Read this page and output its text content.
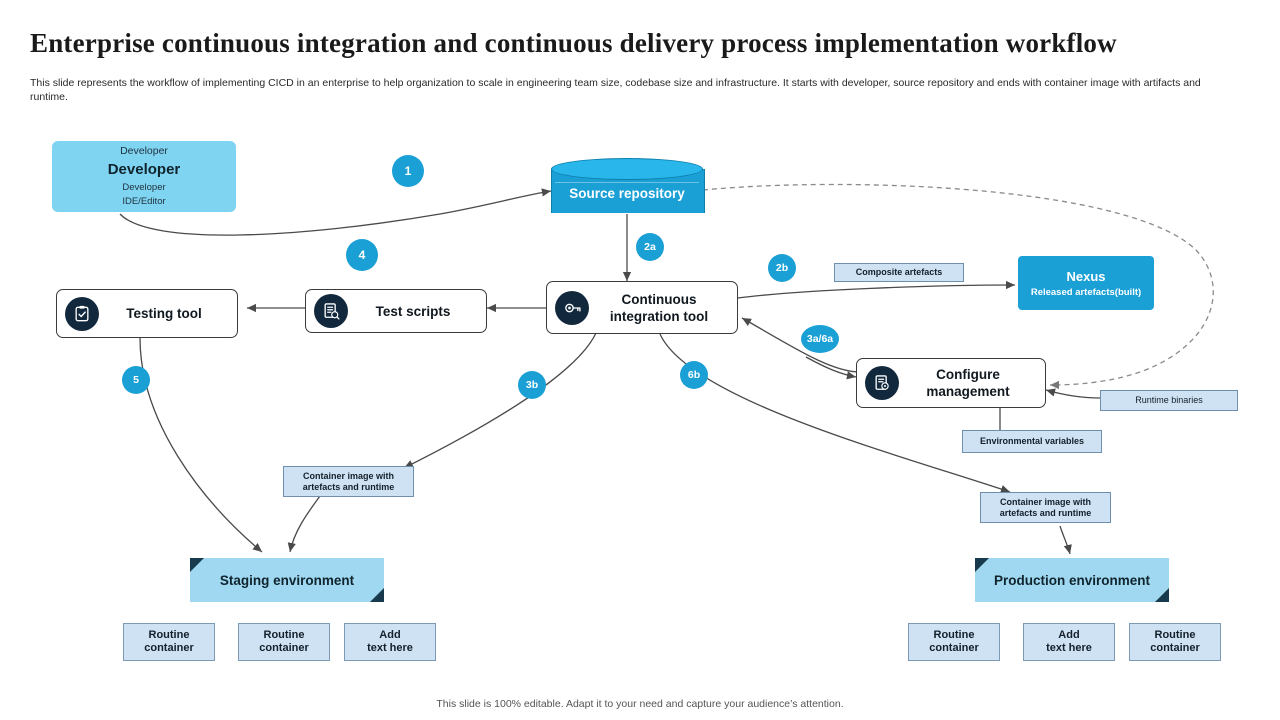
Enterprise continuous integration and continuous delivery process implementation workflow
This slide represents the workflow of implementing CICD in an enterprise to help organization to scale in engineering team size, codebase size and infrastructure. It starts with developer, source repository and ends with container image with artifacts and runtime.
Developer
Developer
Developer
IDE/Editor
Source repository
Continuous integration tool
Test scripts
Testing tool
Nexus
Released artefacts(built)
Configure management
Composite artefacts
Runtime binaries
Environmental variables
Container image with artefacts and runtime
Container image with artefacts and runtime
1
2a
2b
3a/6a
3b
4
5	6b
Staging environment	Production environment
Routine
container
Routine
container
Add
text here
Routine
container
Add
text here
Routine
container
This slide is 100% editable. Adapt it to your need and capture your audience’s attention.
